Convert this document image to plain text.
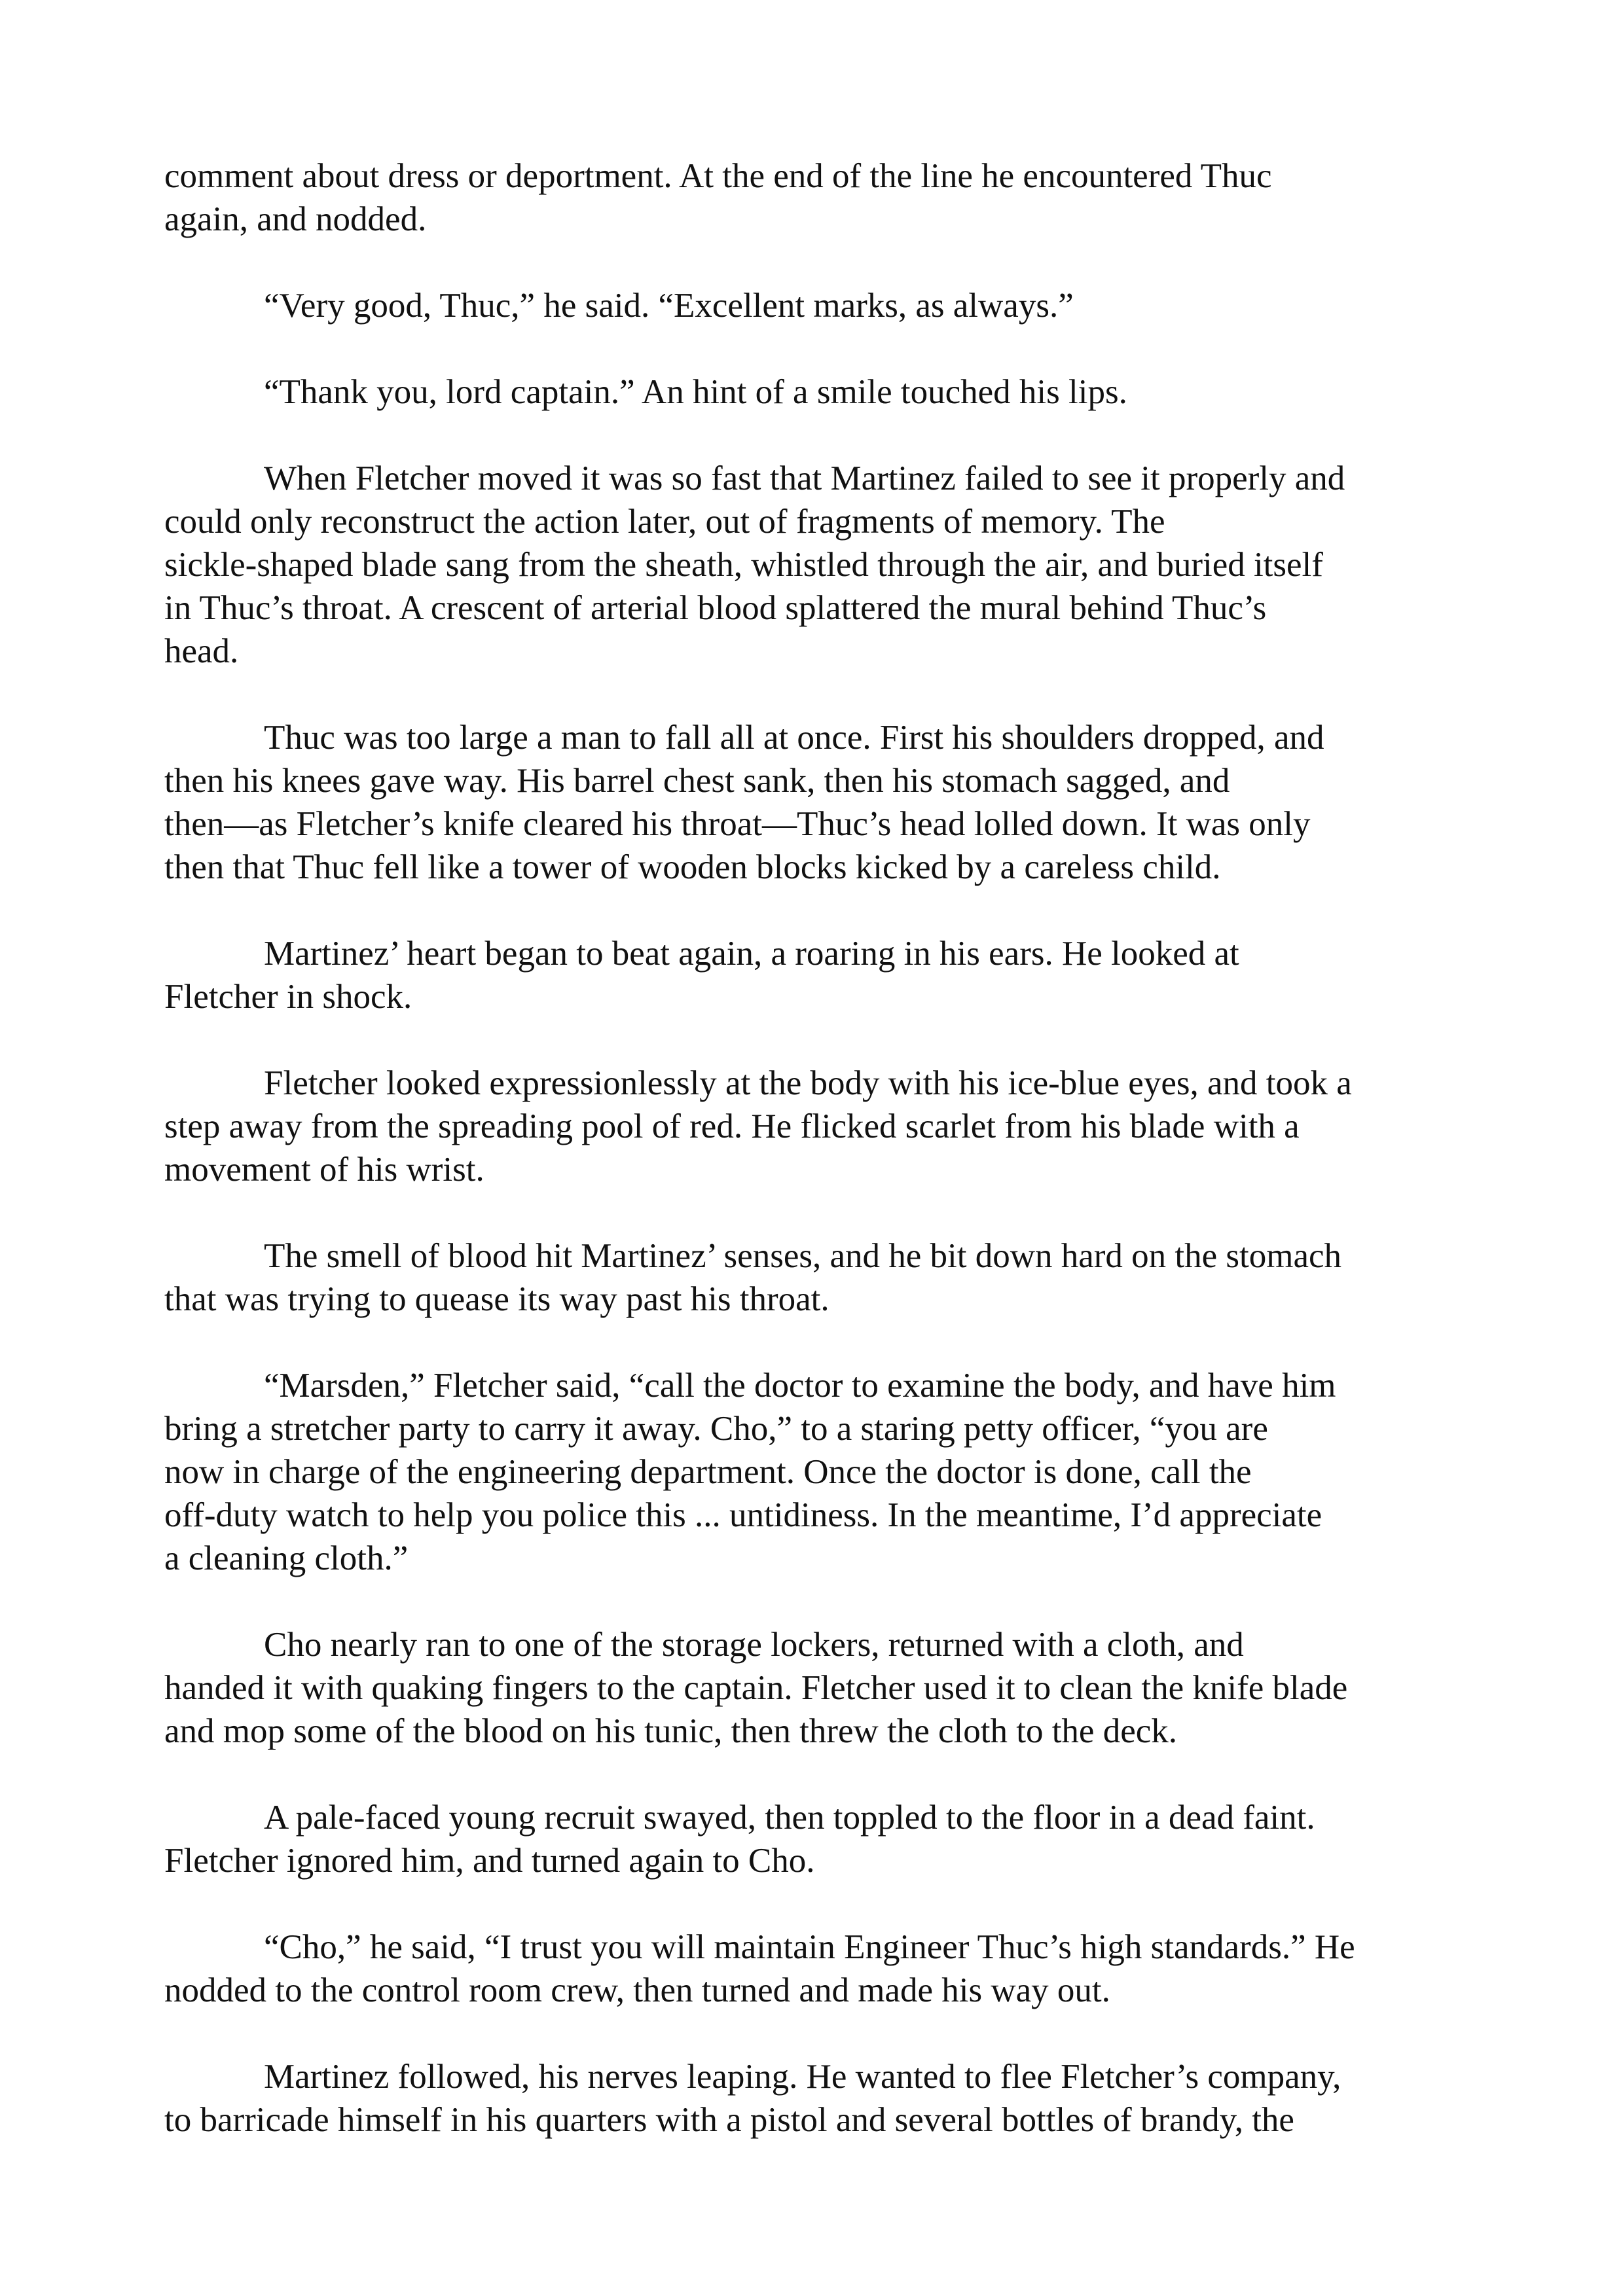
comment about dress or deportment. At the end of the line he encountered Thuc
again, and nodded.
“Very good, Thuc,” he said. “Excellent marks, as always.”
“Thank you, lord captain.” An hint of a smile touched his lips.
When Fletcher moved it was so fast that Martinez failed to see it properly and
could only reconstruct the action later, out of fragments of memory. The
sickle-shaped blade sang from the sheath, whistled through the air, and buried itself
in Thuc’s throat. A crescent of arterial blood splattered the mural behind Thuc’s
head.
Thuc was too large a man to fall all at once. First his shoulders dropped, and
then his knees gave way. His barrel chest sank, then his stomach sagged, and
then—as Fletcher’s knife cleared his throat—Thuc’s head lolled down. It was only
then that Thuc fell like a tower of wooden blocks kicked by a careless child.
Martinez’ heart began to beat again, a roaring in his ears. He looked at
Fletcher in shock.
Fletcher looked expressionlessly at the body with his ice-blue eyes, and took a
step away from the spreading pool of red. He flicked scarlet from his blade with a
movement of his wrist.
The smell of blood hit Martinez’ senses, and he bit down hard on the stomach
that was trying to quease its way past his throat.
“Marsden,” Fletcher said, “call the doctor to examine the body, and have him
bring a stretcher party to carry it away. Cho,” to a staring petty officer, “you are
now in charge of the engineering department. Once the doctor is done, call the
off-duty watch to help you police this ... untidiness. In the meantime, I’d appreciate
a cleaning cloth.”
Cho nearly ran to one of the storage lockers, returned with a cloth, and
handed it with quaking fingers to the captain. Fletcher used it to clean the knife blade
and mop some of the blood on his tunic, then threw the cloth to the deck.
A pale-faced young recruit swayed, then toppled to the floor in a dead faint.
Fletcher ignored him, and turned again to Cho.
“Cho,” he said, “I trust you will maintain Engineer Thuc’s high standards.” He
nodded to the control room crew, then turned and made his way out.
Martinez followed, his nerves leaping. He wanted to flee Fletcher’s company,
to barricade himself in his quarters with a pistol and several bottles of brandy, the
